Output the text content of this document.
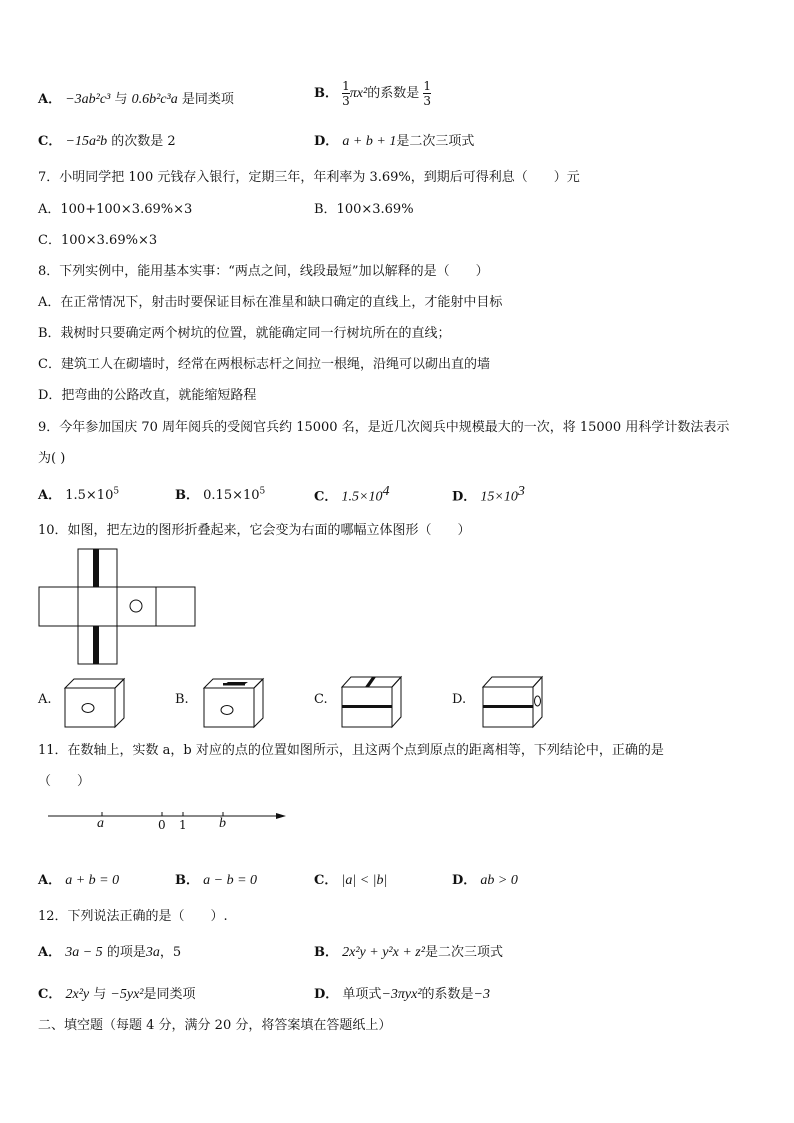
A． −3ab²c³ 与 0.6b²c³a 是同类项	B． $\frac{1}{3} \pi x^2$的系数是 $\frac{1}{3}$
C． −15a²b 的次数是 2	D． a + b + 1是二次三项式
7．小明同学把 100 元钱存入银行，定期三年，年利率为 3.69%，到期后可得利息（　　）元
A．100+100×3.69%×3	B．100×3.69%
C．100×3.69%×3
8．下列实例中，能用基本实事：“两点之间，线段最短”加以解释的是（　　）
A．在正常情况下，射击时要保证目标在准星和缺口确定的直线上，才能射中目标
B．栽树时只要确定两个树坑的位置，就能确定同一行树坑所在的直线；
C．建筑工人在砌墙时，经常在两根标志杆之间拉一根绳，沿绳可以砌出直的墙
D．把弯曲的公路改直，就能缩短路程
9．今年参加国庆 70 周年阅兵的受阅官兵约 15000 名，是近几次阅兵中规模最大的一次，将 15000 用科学计数法表示
为( )
A． $1.5\times 10^5$	B． $0.15\times 10^5$	C． $1.5\times 10^4$	D． $15\times 10^3$
10．如图，把左边的图形折叠起来，它会变为右面的哪幅立体图形（　　）
A.	B.	C.	D.
11．在数轴上，实数 a，b 对应的点的位置如图所示，且这两个点到原点的距离相等，下列结论中，正确的是
（　　）
a	0 1 b
A． a + b = 0	B． a − b = 0	C． |a| < |b|	D． ab > 0
12．下列说法正确的是（　　）.
A． 3a − 5 的项是3a，5	B． 2x²y + y²x + z²是二次三项式
C． 2x²y 与 −5yx²是同类项	D． 单项式−3πyx²的系数是−3
二、填空题（每题 4 分，满分 20 分，将答案填在答题纸上）
